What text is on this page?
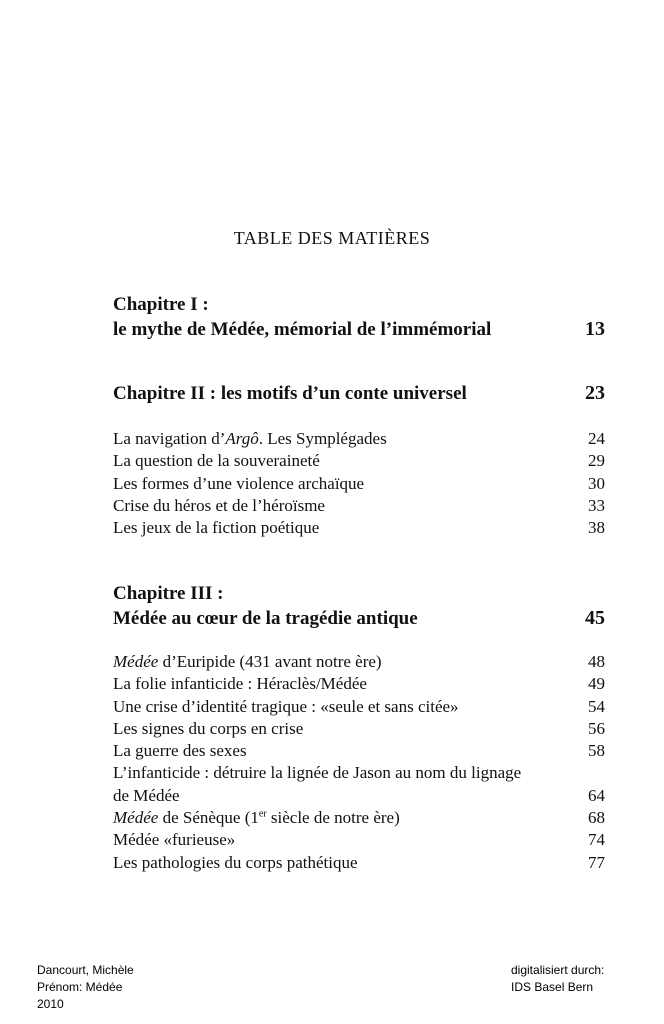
TABLE DES MATIÈRES
Chapitre I :
le mythe de Médée, mémorial de l’immémorial	13
Chapitre II : les motifs d’un conte universel	23
La navigation d’Argô. Les Symplégades	24
La question de la souveraineté	29
Les formes d’une violence archaïque	30
Crise du héros et de l’héroïsme	33
Les jeux de la fiction poétique	38
Chapitre III :
Médée au cœur de la tragédie antique	45
Médée d’Euripide (431 avant notre ère)	48
La folie infanticide : Héraclès/Médée	49
Une crise d’identité tragique : «seule et sans citée»	54
Les signes du corps en crise	56
La guerre des sexes	58
L’infanticide : détruire la lignée de Jason au nom du lignage
de Médée	64
Médée de Sénèque (1er siècle de notre ère)	68
Médée «furieuse»	74
Les pathologies du corps pathétique	77
Dancourt, Michèle
Prénom: Médée
2010
digitalisiert durch:
IDS Basel Bern
